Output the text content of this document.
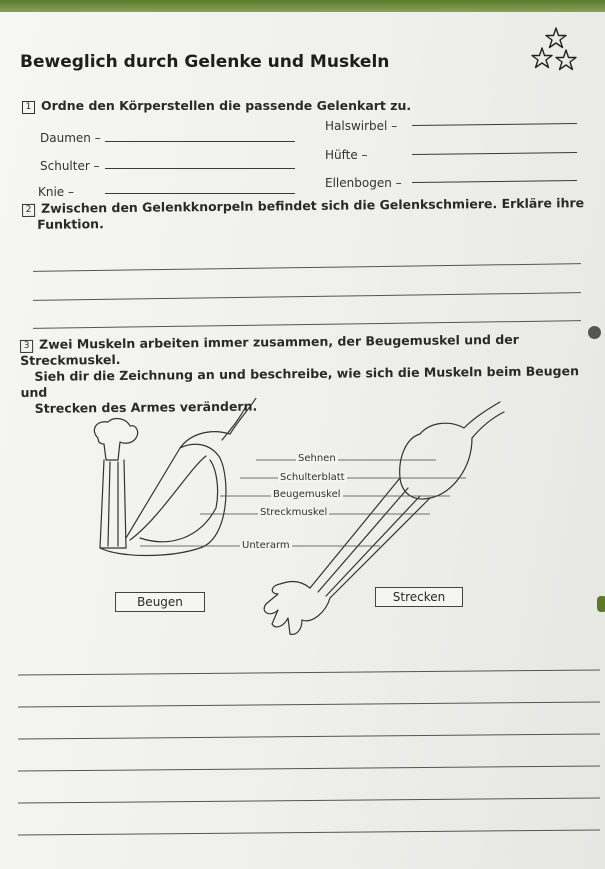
Beweglich durch Gelenke und Muskeln
1 Ordne den Körperstellen die passende Gelenkart zu.
Daumen –
Schulter –
Knie –
Halswirbel –
Hüfte –
Ellenbogen –
2 Zwischen den Gelenkknorpeln befindet sich die Gelenkschmiere. Erkläre ihre
Funktion.
3 Zwei Muskeln arbeiten immer zusammen, der Beugemuskel und der Streckmuskel.
Sieh dir die Zeichnung an und beschreibe, wie sich die Muskeln beim Beugen und
Strecken des Armes verändern.
Sehnen
Schulterblatt
Beugemuskel
Streckmuskel
Unterarm
Beugen	Strecken
